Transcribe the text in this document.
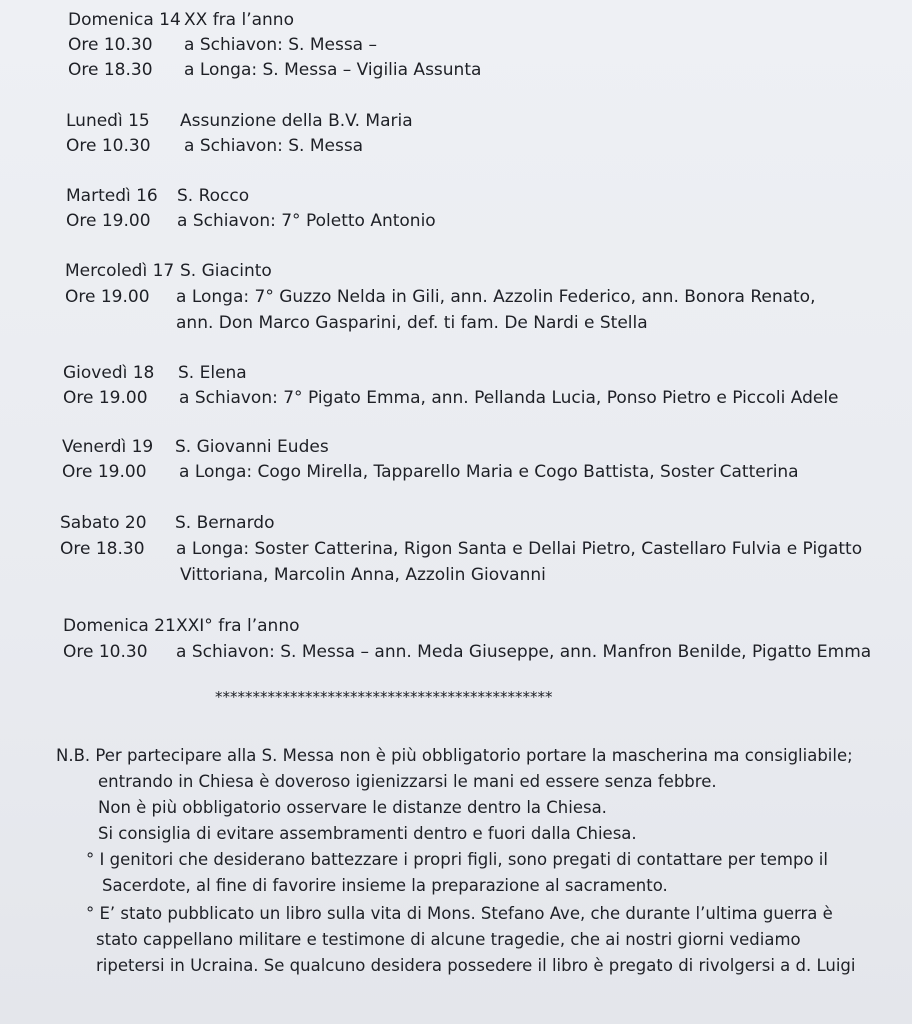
Domenica 14 XX fra l’anno
Ore 10.30 a Schiavon: S. Messa –
Ore 18.30 a Longa: S. Messa – Vigilia Assunta
Lunedì 15 Assunzione della B.V. Maria
Ore 10.30 a Schiavon: S. Messa
Martedì 16 S. Rocco
Ore 19.00 a Schiavon: 7° Poletto Antonio
Mercoledì 17 S. Giacinto
Ore 19.00 a Longa: 7° Guzzo Nelda in Gili, ann. Azzolin Federico, ann. Bonora Renato,
ann. Don Marco Gasparini, def. ti fam. De Nardi e Stella
Giovedì 18 S. Elena
Ore 19.00 a Schiavon: 7° Pigato Emma, ann. Pellanda Lucia, Ponso Pietro e Piccoli Adele
Venerdì 19 S. Giovanni Eudes
Ore 19.00 a Longa: Cogo Mirella, Tapparello Maria e Cogo Battista, Soster Catterina
Sabato 20 S. Bernardo
Ore 18.30 a Longa: Soster Catterina, Rigon Santa e Dellai Pietro, Castellaro Fulvia e Pigatto
Vittoriana, Marcolin Anna, Azzolin Giovanni
Domenica 21 XXI° fra l’anno
Ore 10.30 a Schiavon: S. Messa – ann. Meda Giuseppe, ann. Manfron Benilde, Pigatto Emma
*********************************************
N.B. Per partecipare alla S. Messa non è più obbligatorio portare la mascherina ma consigliabile;
entrando in Chiesa è doveroso igienizzarsi le mani ed essere senza febbre.
Non è più obbligatorio osservare le distanze dentro la Chiesa.
Si consiglia di evitare assembramenti dentro e fuori dalla Chiesa.
° I genitori che desiderano battezzare i propri figli, sono pregati di contattare per tempo il
Sacerdote, al fine di favorire insieme la preparazione al sacramento.
° E’ stato pubblicato un libro sulla vita di Mons. Stefano Ave, che durante l’ultima guerra è
stato cappellano militare e testimone di alcune tragedie, che ai nostri giorni vediamo
ripetersi in Ucraina. Se qualcuno desidera possedere il libro è pregato di rivolgersi a d. Luigi
